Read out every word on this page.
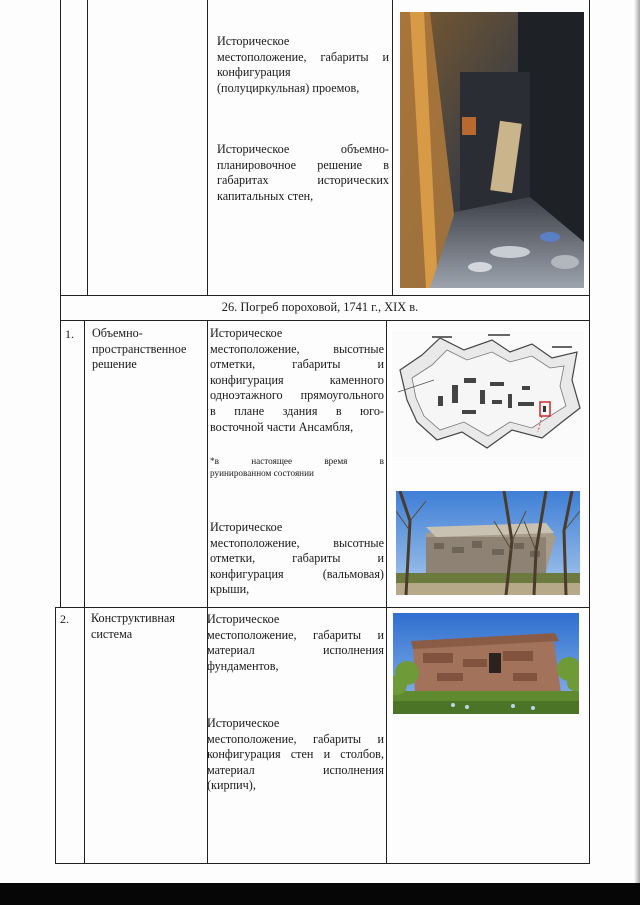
Историческое

местоположение, габариты и

конфигурация

(полуциркульная) проемов,

Историческое объемно-

планировочное решение в

габаритах исторических

капитальных стен,

26. Погреб пороховой, 1741 г., XIX в.
1. Объемно-

пространственное

решение

Историческое

местоположение, высотные

отметки, габариты и

конфигурация каменного

одноэтажного прямоугольного

в плане здания в юго-

восточной части Ансамбля,

*в настоящее время в

руинированном состоянии

Историческое

местоположение, высотные

отметки, габариты и

конфигурация (вальмовая)

крыши,

2. Конструктивная

система

Историческое

местоположение, габариты и

материал исполнения

фундаментов,

Историческое

местоположение, габариты и

конфигурация стен и столбов,

материал исполнения

(кирпич),
